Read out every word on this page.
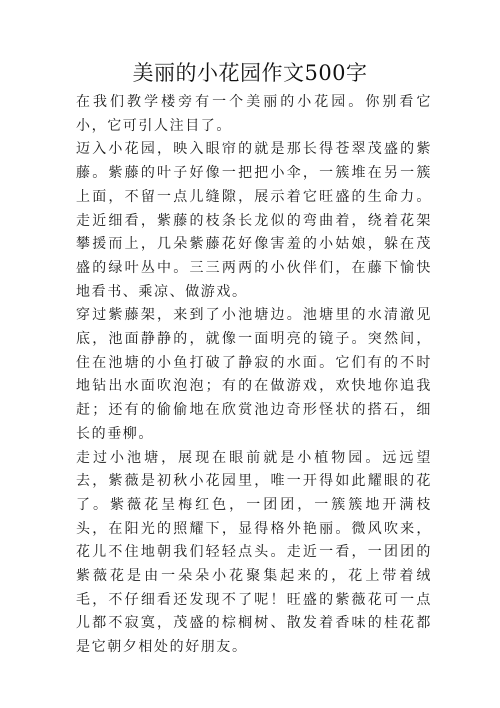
美丽的小花园作文500字

在我们教学楼旁有一个美丽的小花园。你别看它小，它可引人注目了。

迈入小花园，映入眼帘的就是那长得苍翠茂盛的紫藤。紫藤的叶子好像一把把小伞，一簇堆在另一簇上面，不留一点儿缝隙，展示着它旺盛的生命力。走近细看，紫藤的枝条长龙似的弯曲着，绕着花架攀援而上，几朵紫藤花好像害羞的小姑娘，躲在茂盛的绿叶丛中。三三两两的小伙伴们，在藤下愉快地看书、乘凉、做游戏。

穿过紫藤架，来到了小池塘边。池塘里的水清澈见底，池面静静的，就像一面明亮的镜子。突然间，住在池塘的小鱼打破了静寂的水面。它们有的不时地钻出水面吹泡泡；有的在做游戏，欢快地你追我赶；还有的偷偷地在欣赏池边奇形怪状的搭石，细长的垂柳。

走过小池塘，展现在眼前就是小植物园。远远望去，紫薇是初秋小花园里，唯一开得如此耀眼的花了。紫薇花呈梅红色，一团团，一簇簇地开满枝头，在阳光的照耀下，显得格外艳丽。微风吹来，花儿不住地朝我们轻轻点头。走近一看，一团团的紫薇花是由一朵朵小花聚集起来的，花上带着绒毛，不仔细看还发现不了呢！旺盛的紫薇花可一点儿都不寂寞，茂盛的棕榈树、散发着香味的桂花都是它朝夕相处的好朋友。
